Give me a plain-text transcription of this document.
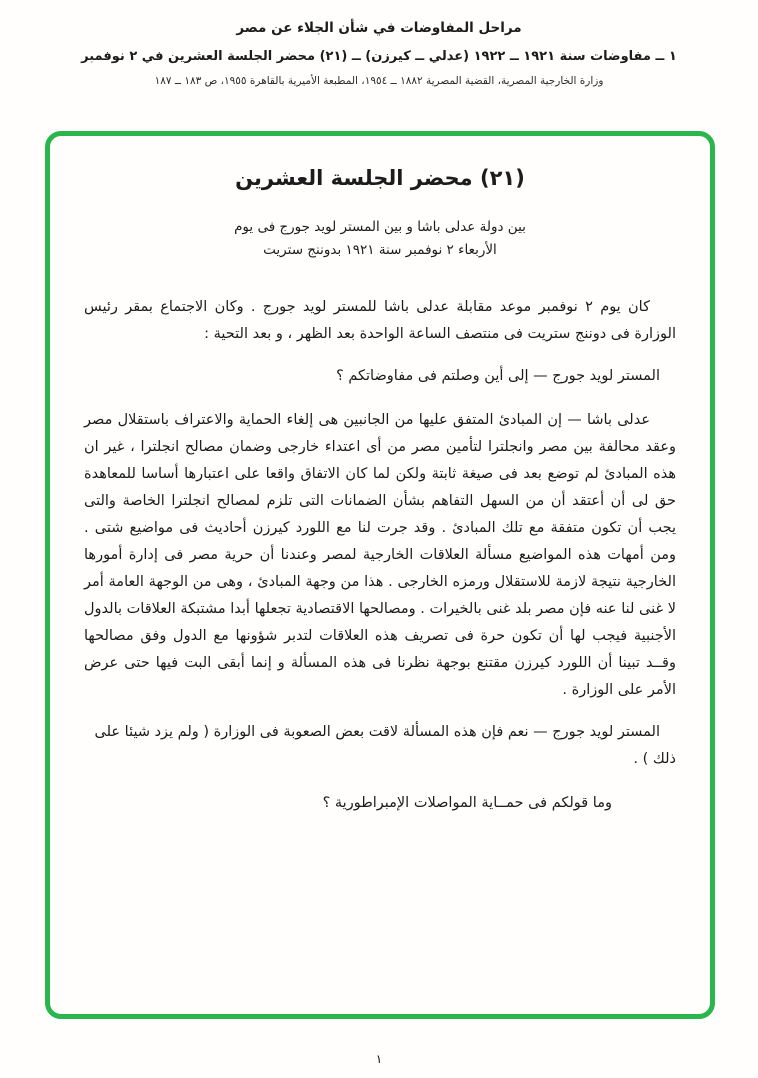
مراحل المفاوضات في شأن الجلاء عن مصر
١ ــ مفاوضات سنة ١٩٢١ ــ ١٩٢٢ (عدلي ــ كيرزن) ــ (٢١) محضر الجلسة العشرين في ٢ نوفمبر
وزارة الخارجية المصرية، القضية المصرية ١٨٨٢ ــ ١٩٥٤، المطبعة الأميرية بالقاهرة ١٩٥٥، ص ١٨٣ ــ ١٨٧
(٢١) محضر الجلسة العشرين
بين دولة عدلى باشا و بين المستر لويد جورج فى يوم
الأربعاء ٢ نوفمبر سنة ١٩٢١ بدوننج ستريت
كان يوم ٢ نوفمبر موعد مقابلة عدلى باشا للمستر لويد جورج . وكان الاجتماع بمقر رئيس الوزارة فى دوننج ستريت فى منتصف الساعة الواحدة بعد الظهر ، و بعد التحية :
المستر لويد جورج — إلى أين وصلتم فى مفاوضاتكم ؟
عدلى باشا — إن المبادئ المتفق عليها من الجانبين هى إلغاء الحماية والاعتراف باستقلال مصر وعقد محالفة بين مصر وانجلترا لتأمين مصر من أى اعتداء خارجى وضمان مصالح انجلترا ، غير ان هذه المبادئ لم توضع بعد فى صيغة ثابتة ولكن لما كان الاتفاق واقعا على اعتبارها أساسا للمعاهدة حق لى أن أعتقد أن من السهل التفاهم بشأن الضمانات التى تلزم لمصالح انجلترا الخاصة والتى يجب أن تكون متفقة مع تلك المبادئ . وقد جرت لنا مع اللورد كيرزن أحاديث فى مواضيع شتى . ومن أمهات هذه المواضيع مسألة العلاقات الخارجية لمصر وعندنا أن حرية مصر فى إدارة أمورها الخارجية نتيجة لازمة للاستقلال ورمزه الخارجى . هذا من وجهة المبادئ ، وهى من الوجهة العامة أمر لا غنى لنا عنه فإن مصر بلد غنى بالخيرات . ومصالحها الاقتصادية تجعلها أبدا مشتبكة العلاقات بالدول الأجنبية فيجب لها أن تكون حرة فى تصريف هذه العلاقات لتدبر شؤونها مع الدول وفق مصالحها وقــد تبينا أن اللورد كيرزن مقتنع بوجهة نظرنا فى هذه المسألة و إنما أبقى البت فيها حتى عرض الأمر على الوزارة .
المستر لويد جورج — نعم فإن هذه المسألة لاقت بعض الصعوبة فى الوزارة ( ولم يزد شيئا على ذلك ) .
وما قولكم فى حمــاية المواصلات الإمبراطورية ؟
١
